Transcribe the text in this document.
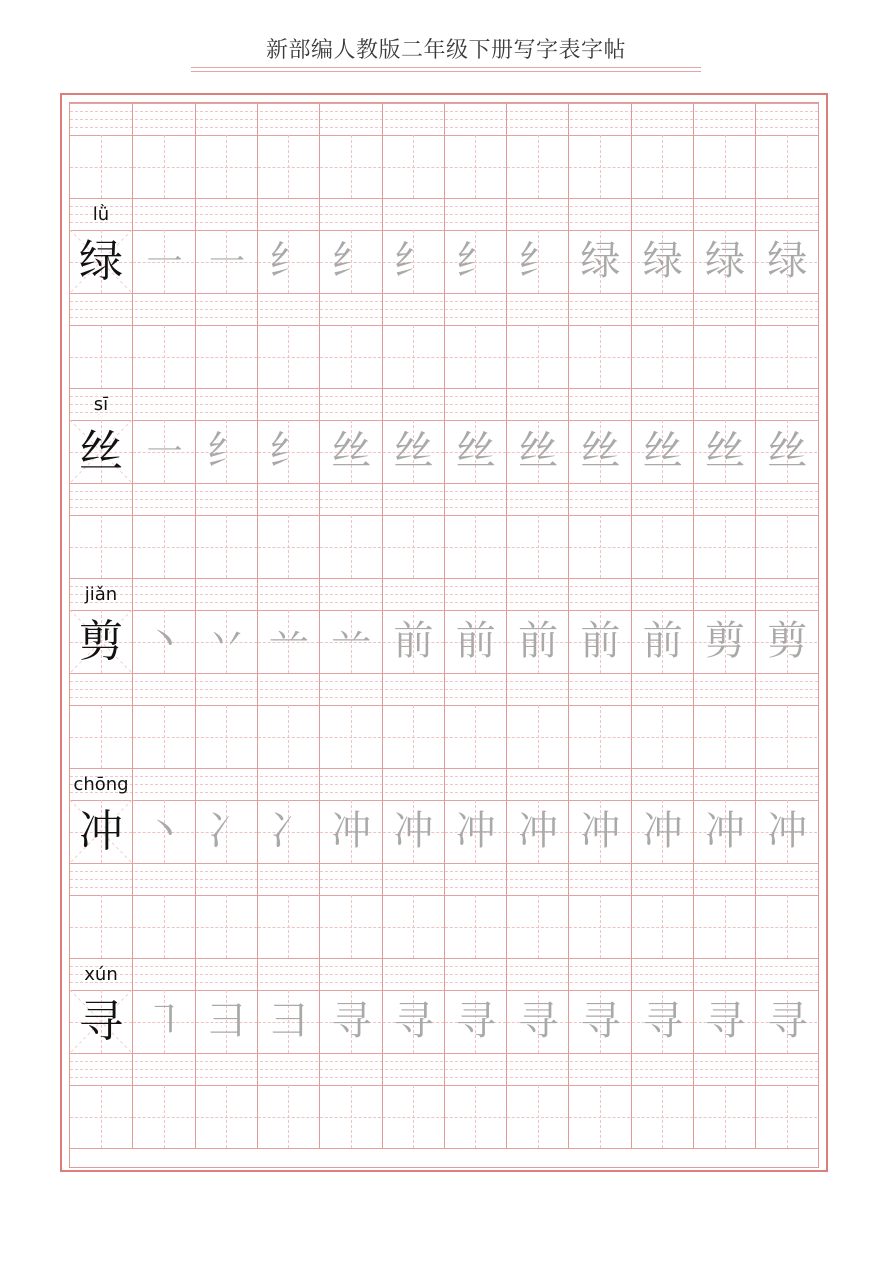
新部编人教版二年级下册写字表字帖
lǜ
绿 ㇐ ㇐ 纟 纟 纟 纟 纟 绿 绿 绿 绿
sī
丝 ㇐ 纟 纟 丝 丝 丝 丝 丝 丝 丝 丝
jiǎn
剪 丶 丷 䒑 䒑 前 前 前 前 前 剪 剪
chōng
冲 丶 冫 冫 冲 冲 冲 冲 冲 冲 冲 冲
xún
寻 ㇕ 彐 彐 寻 寻 寻 寻 寻 寻 寻 寻
